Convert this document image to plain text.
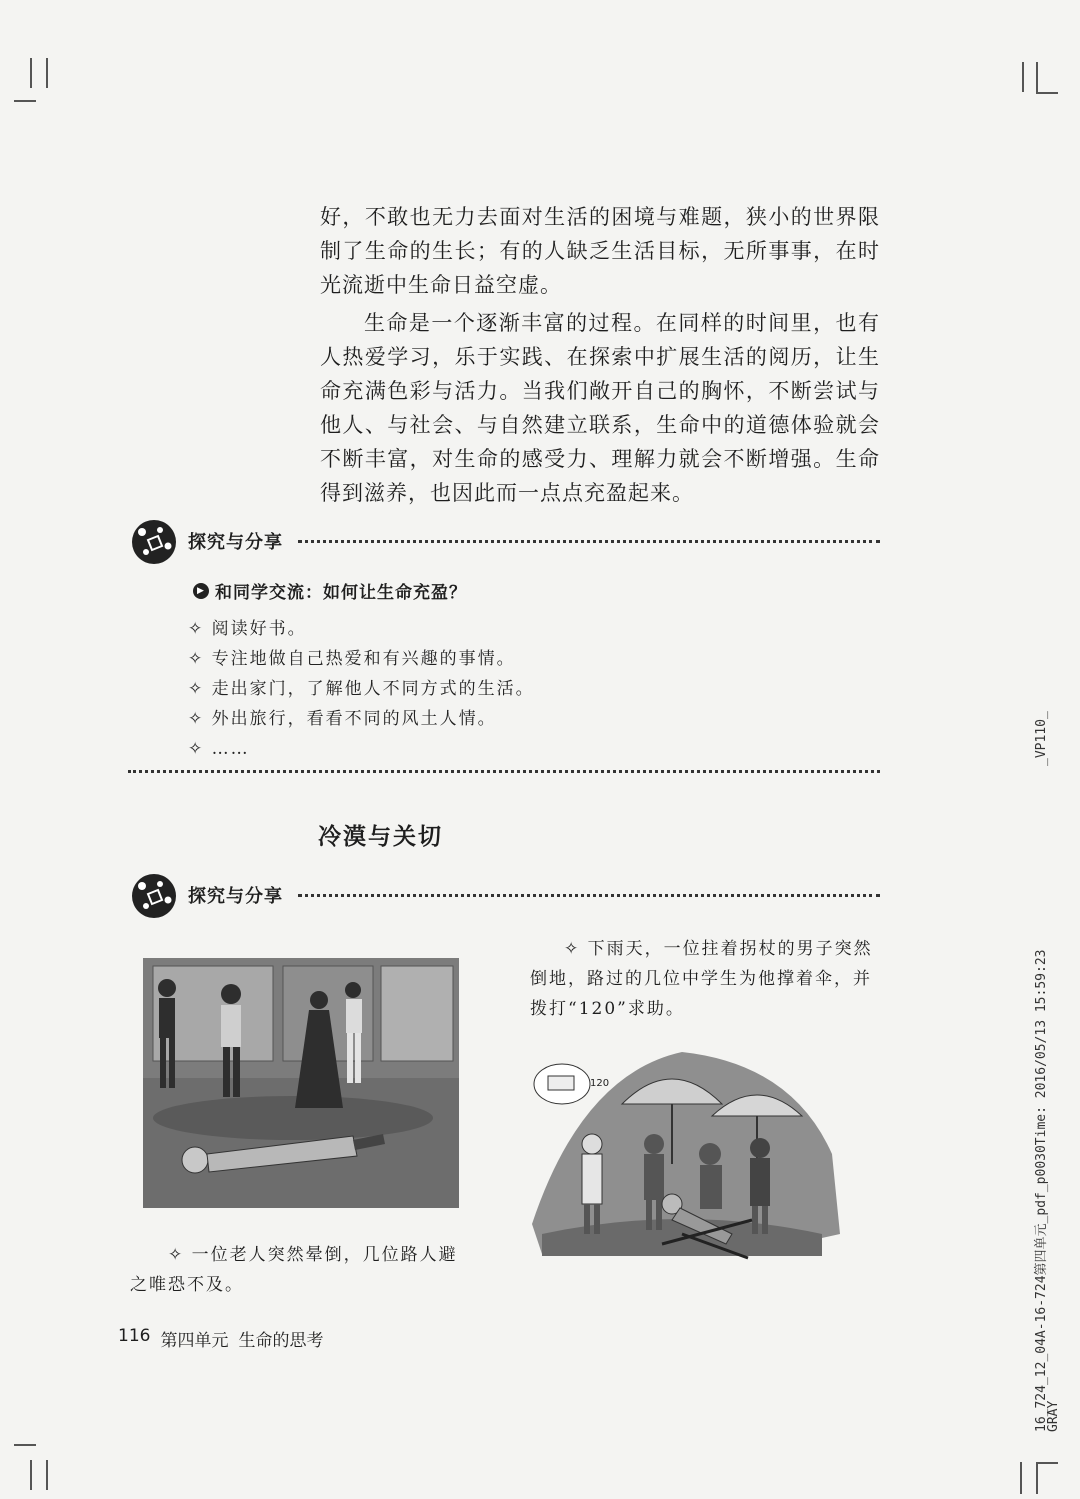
好，不敢也无力去面对生活的困境与难题，狭小的世界限制了生命的生长；有的人缺乏生活目标，无所事事，在时光流逝中生命日益空虚。

生命是一个逐渐丰富的过程。在同样的时间里，也有人热爱学习，乐于实践、在探索中扩展生活的阅历，让生命充满色彩与活力。当我们敞开自己的胸怀，不断尝试与他人、与社会、与自然建立联系，生命中的道德体验就会不断丰富，对生命的感受力、理解力就会不断增强。生命得到滋养，也因此而一点点充盈起来。

探究与分享
▶ 和同学交流：如何让生命充盈？
✧ 阅读好书。
✧ 专注地做自己热爱和有兴趣的事情。
✧ 走出家门，了解他人不同方式的生活。
✧ 外出旅行，看看不同的风土人情。
✧ ……
冷漠与关切
探究与分享

✧ 一位老人突然晕倒，几位路人避之唯恐不及。

✧ 下雨天，一位拄着拐杖的男子突然倒地，路过的几位中学生为他撑着伞，并拨打“120”求助。

120
116 第四单元 生命的思考
_VP110_
16_724_12_04A-16-724第四单元_pdf_p0030Time: 2016/05/13 15:59:23
GRAY
